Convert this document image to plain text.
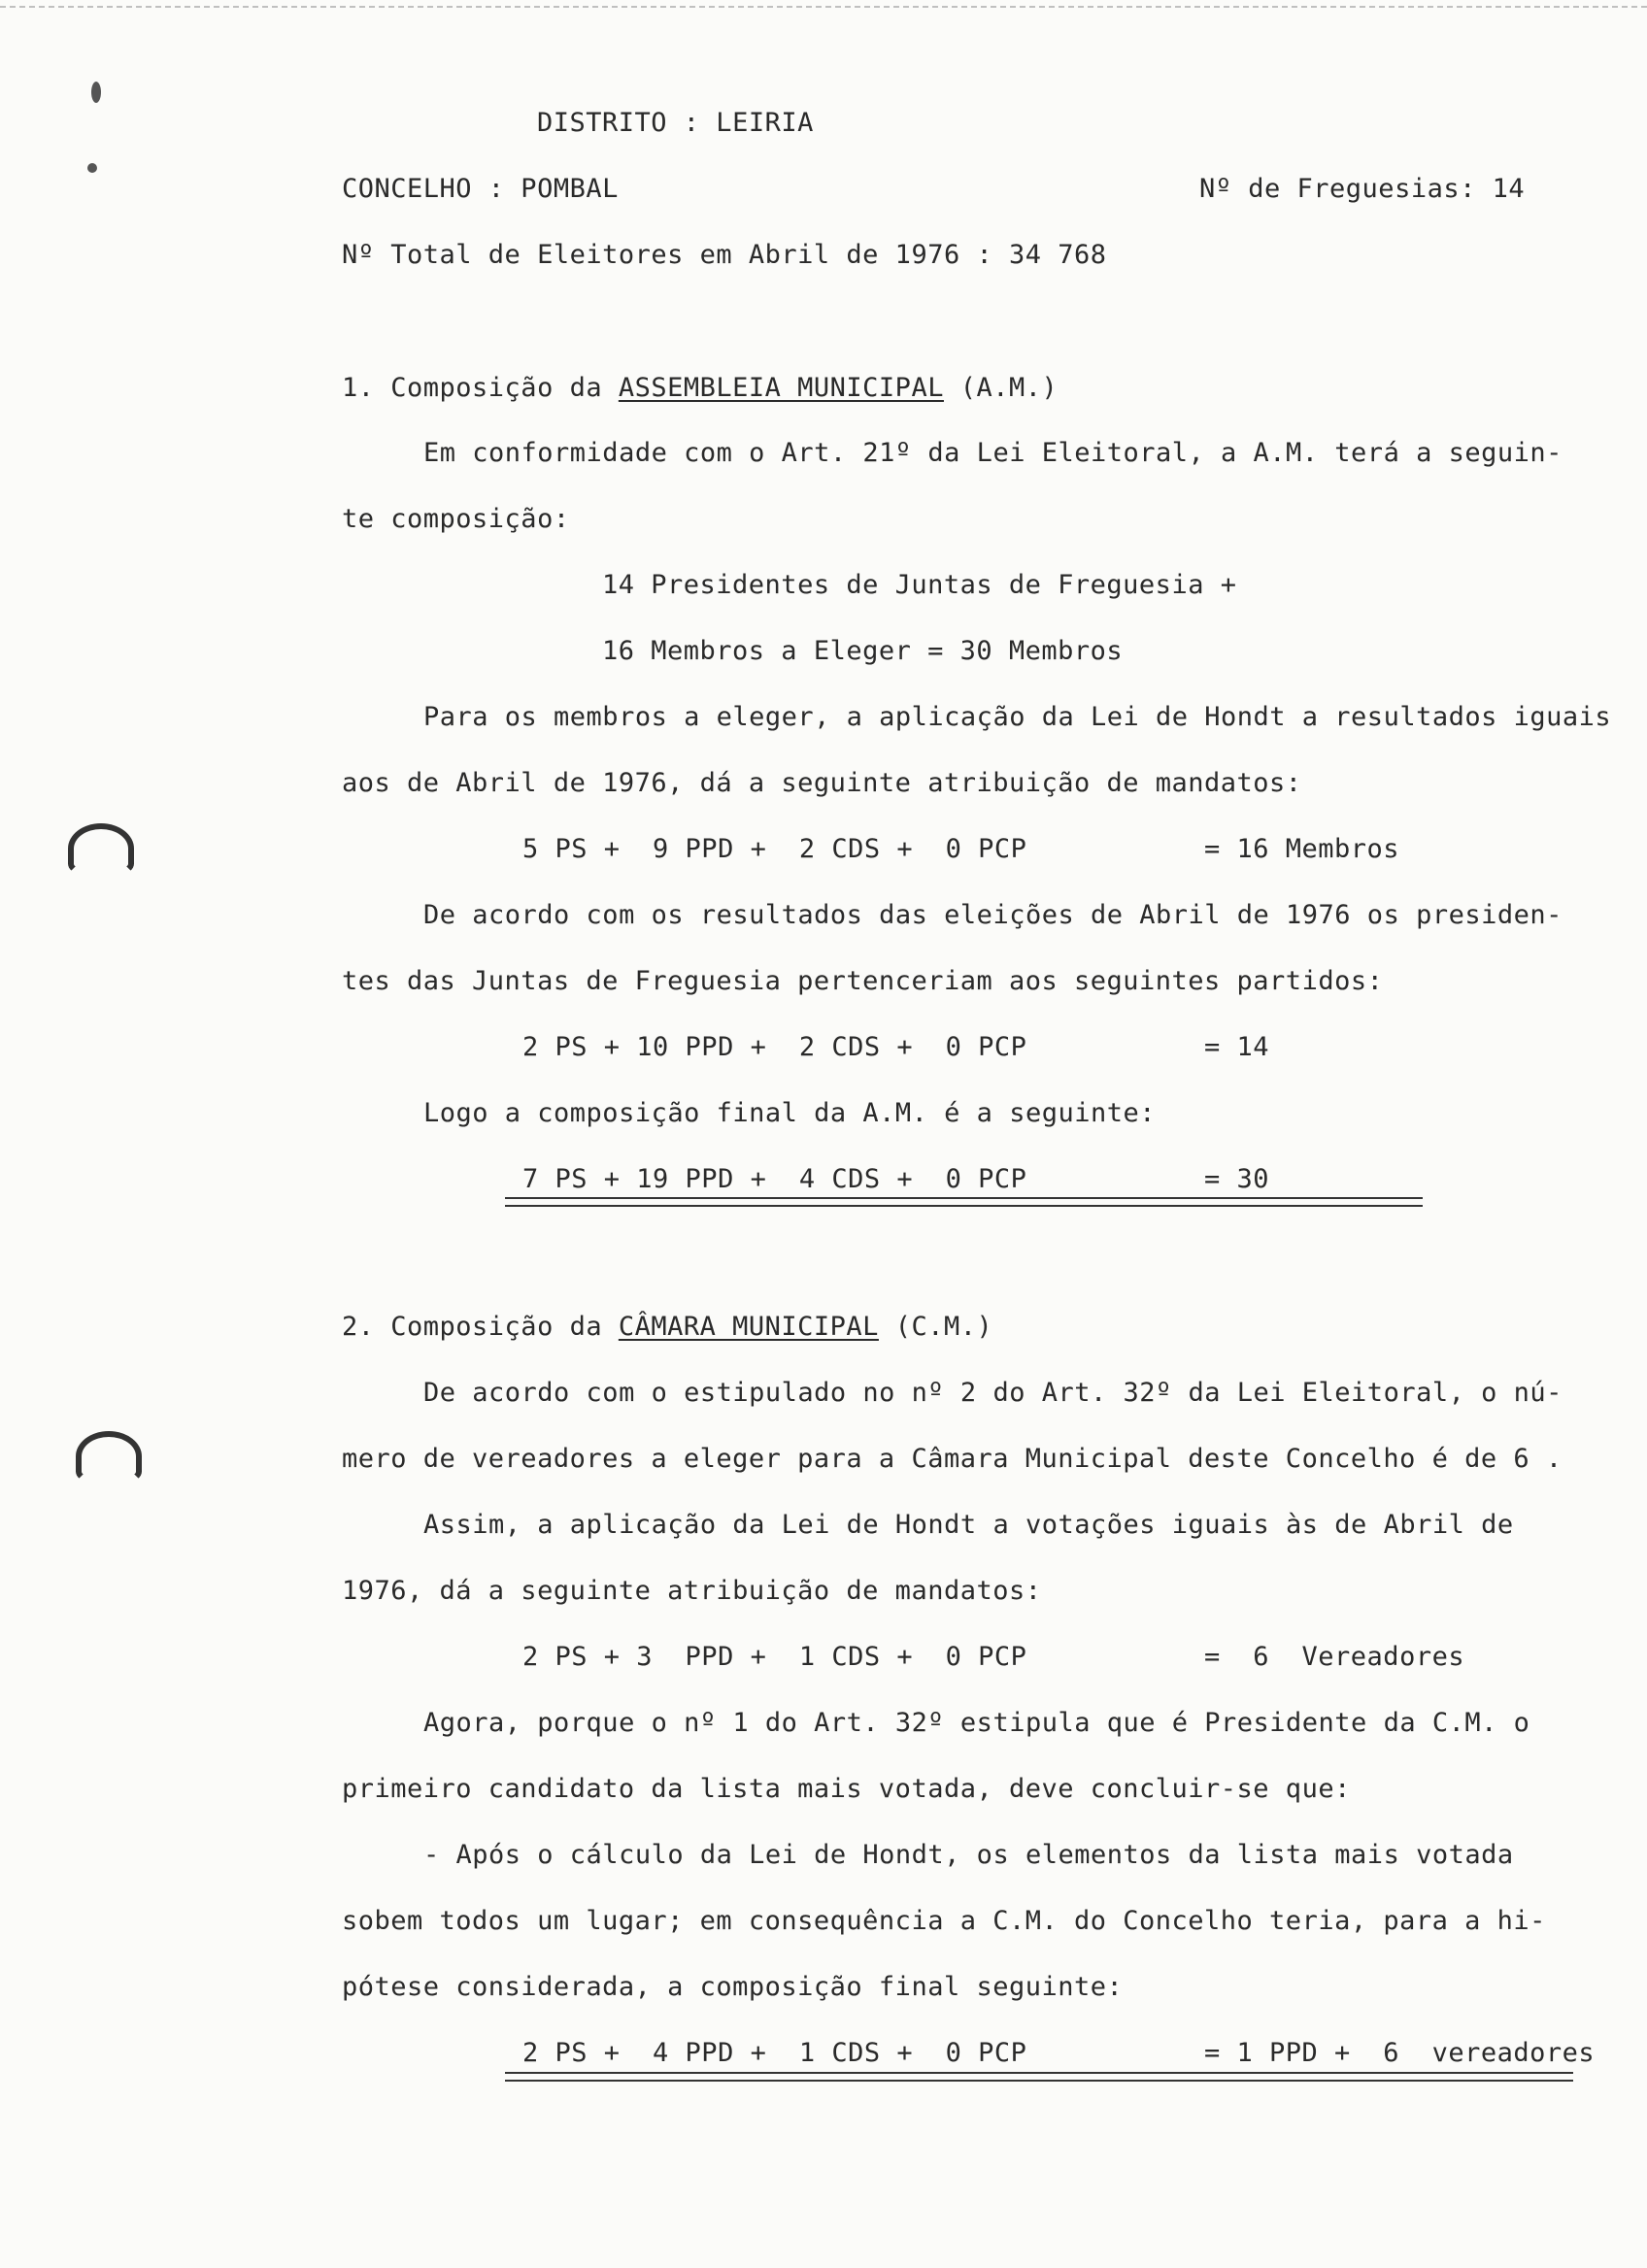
DISTRITO : LEIRIA
CONCELHO : POMBAL	Nº de Freguesias: 14
Nº Total de Eleitores em Abril de 1976 : 34 768
1. Composição da ASSEMBLEIA MUNICIPAL (A.M.)
Em conformidade com o Art. 21º da Lei Eleitoral, a A.M. terá a seguin-
te composição:
14 Presidentes de Juntas de Freguesia +
16 Membros a Eleger = 30 Membros
Para os membros a eleger, a aplicação da Lei de Hondt a resultados iguais
aos de Abril de 1976, dá a seguinte atribuição de mandatos:
5 PS +  9 PPD +  2 CDS +  0 PCP	= 16 Membros
De acordo com os resultados das eleições de Abril de 1976 os presiden-
tes das Juntas de Freguesia pertenceriam aos seguintes partidos:
2 PS + 10 PPD +  2 CDS +  0 PCP	= 14
Logo a composição final da A.M. é a seguinte:
7 PS + 19 PPD +  4 CDS +  0 PCP	= 30
2. Composição da CÂMARA MUNICIPAL (C.M.)
De acordo com o estipulado no nº 2 do Art. 32º da Lei Eleitoral, o nú-
mero de vereadores a eleger para a Câmara Municipal deste Concelho é de 6 .
Assim, a aplicação da Lei de Hondt a votações iguais às de Abril de
1976, dá a seguinte atribuição de mandatos:
2 PS + 3  PPD +  1 CDS +  0 PCP	=  6  Vereadores
Agora, porque o nº 1 do Art. 32º estipula que é Presidente da C.M. o
primeiro candidato da lista mais votada, deve concluir-se que:
- Após o cálculo da Lei de Hondt, os elementos da lista mais votada
sobem todos um lugar; em consequência a C.M. do Concelho teria, para a hi-
pótese considerada, a composição final seguinte:
2 PS +  4 PPD +  1 CDS +  0 PCP	= 1 PPD +  6  vereadores
